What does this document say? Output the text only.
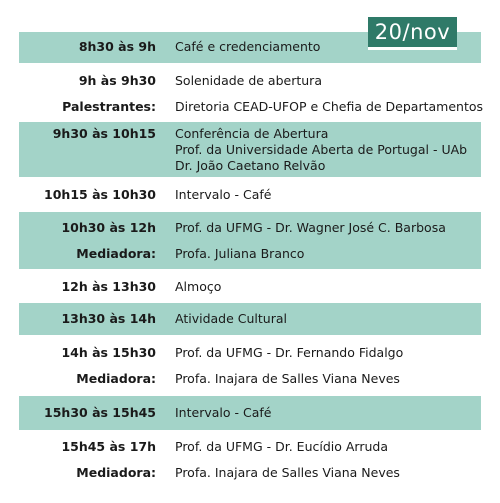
20/nov
8h30 às 9h Café e credenciamento
9h às 9h30 Solenidade de abertura
Palestrantes: Diretoria CEAD-UFOP e Chefia de Departamentos
9h30 às 10h15 Conferência de Abertura
Prof. da Universidade Aberta de Portugal - UAb
Dr. João Caetano Relvão
10h15 às 10h30 Intervalo - Café
10h30 às 12h Prof. da UFMG - Dr. Wagner José C. Barbosa
Mediadora: Profa. Juliana Branco
12h às 13h30 Almoço
13h30 às 14h Atividade Cultural
14h às 15h30 Prof. da UFMG - Dr. Fernando Fidalgo
Mediadora: Profa. Inajara de Salles Viana Neves
15h30 às 15h45 Intervalo - Café
15h45 às 17h Prof. da UFMG - Dr. Eucídio Arruda
Mediadora: Profa. Inajara de Salles Viana Neves
